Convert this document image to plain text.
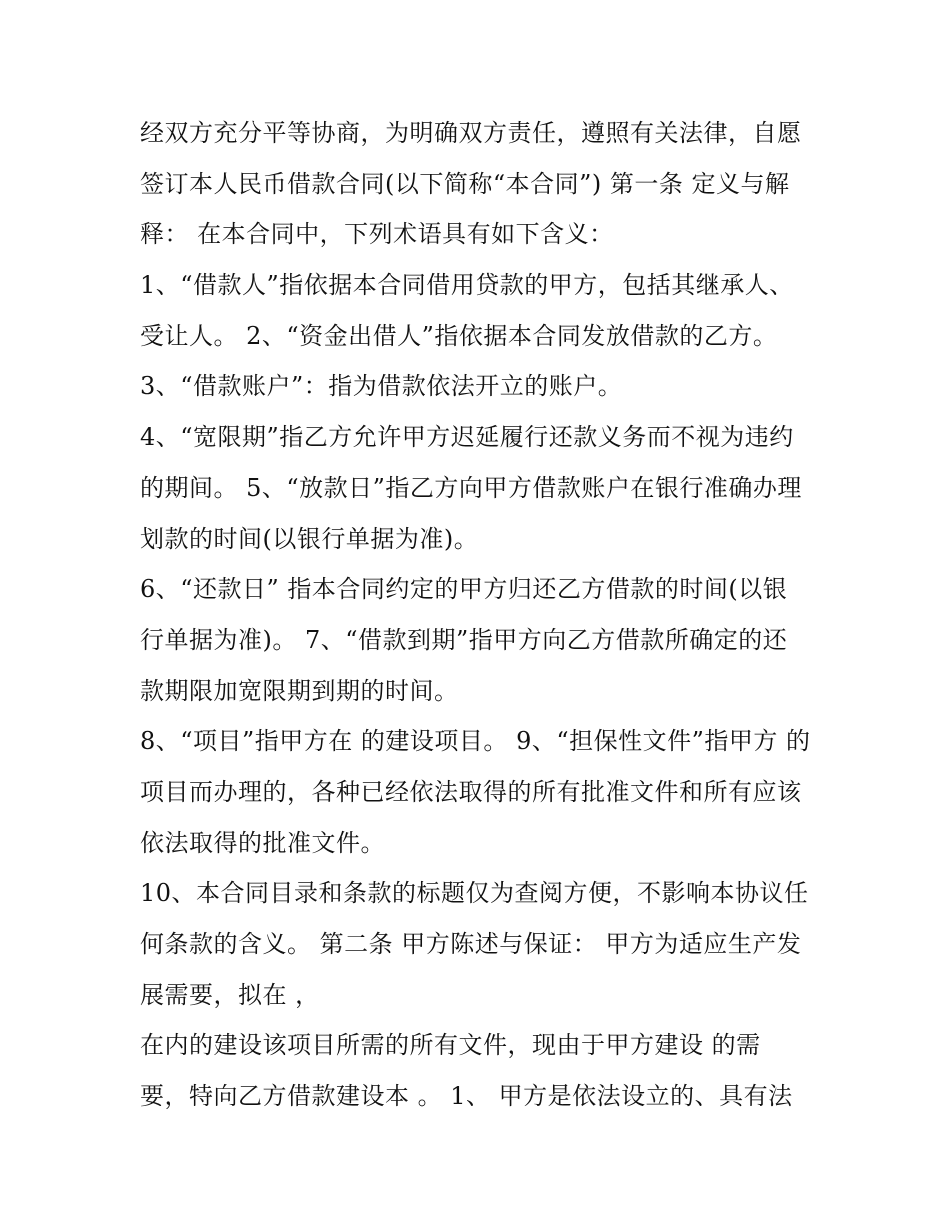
经双方充分平等协商，为明确双方责任，遵照有关法律，自愿
签订本人民币借款合同(以下简称“本合同”) 第一条 定义与解
释： 在本合同中，下列术语具有如下含义：
1、“借款人”指依据本合同借用贷款的甲方，包括其继承人、
受让人。 2、“资金出借人”指依据本合同发放借款的乙方。
3、“借款账户”：指为借款依法开立的账户。
4、“宽限期”指乙方允许甲方迟延履行还款义务而不视为违约
的期间。 5、“放款日”指乙方向甲方借款账户在银行准确办理
划款的时间(以银行单据为准)。
6、“还款日” 指本合同约定的甲方归还乙方借款的时间(以银
行单据为准)。 7、“借款到期”指甲方向乙方借款所确定的还
款期限加宽限期到期的时间。
8、“项目”指甲方在 的建设项目。 9、“担保性文件”指甲方 的
项目而办理的，各种已经依法取得的所有批准文件和所有应该
依法取得的批准文件。
10、本合同目录和条款的标题仅为查阅方便，不影响本协议任
何条款的含义。 第二条 甲方陈述与保证： 甲方为适应生产发
展需要，拟在 ，
在内的建设该项目所需的所有文件，现由于甲方建设 的需
要，特向乙方借款建设本 。 1、 甲方是依法设立的、具有法
